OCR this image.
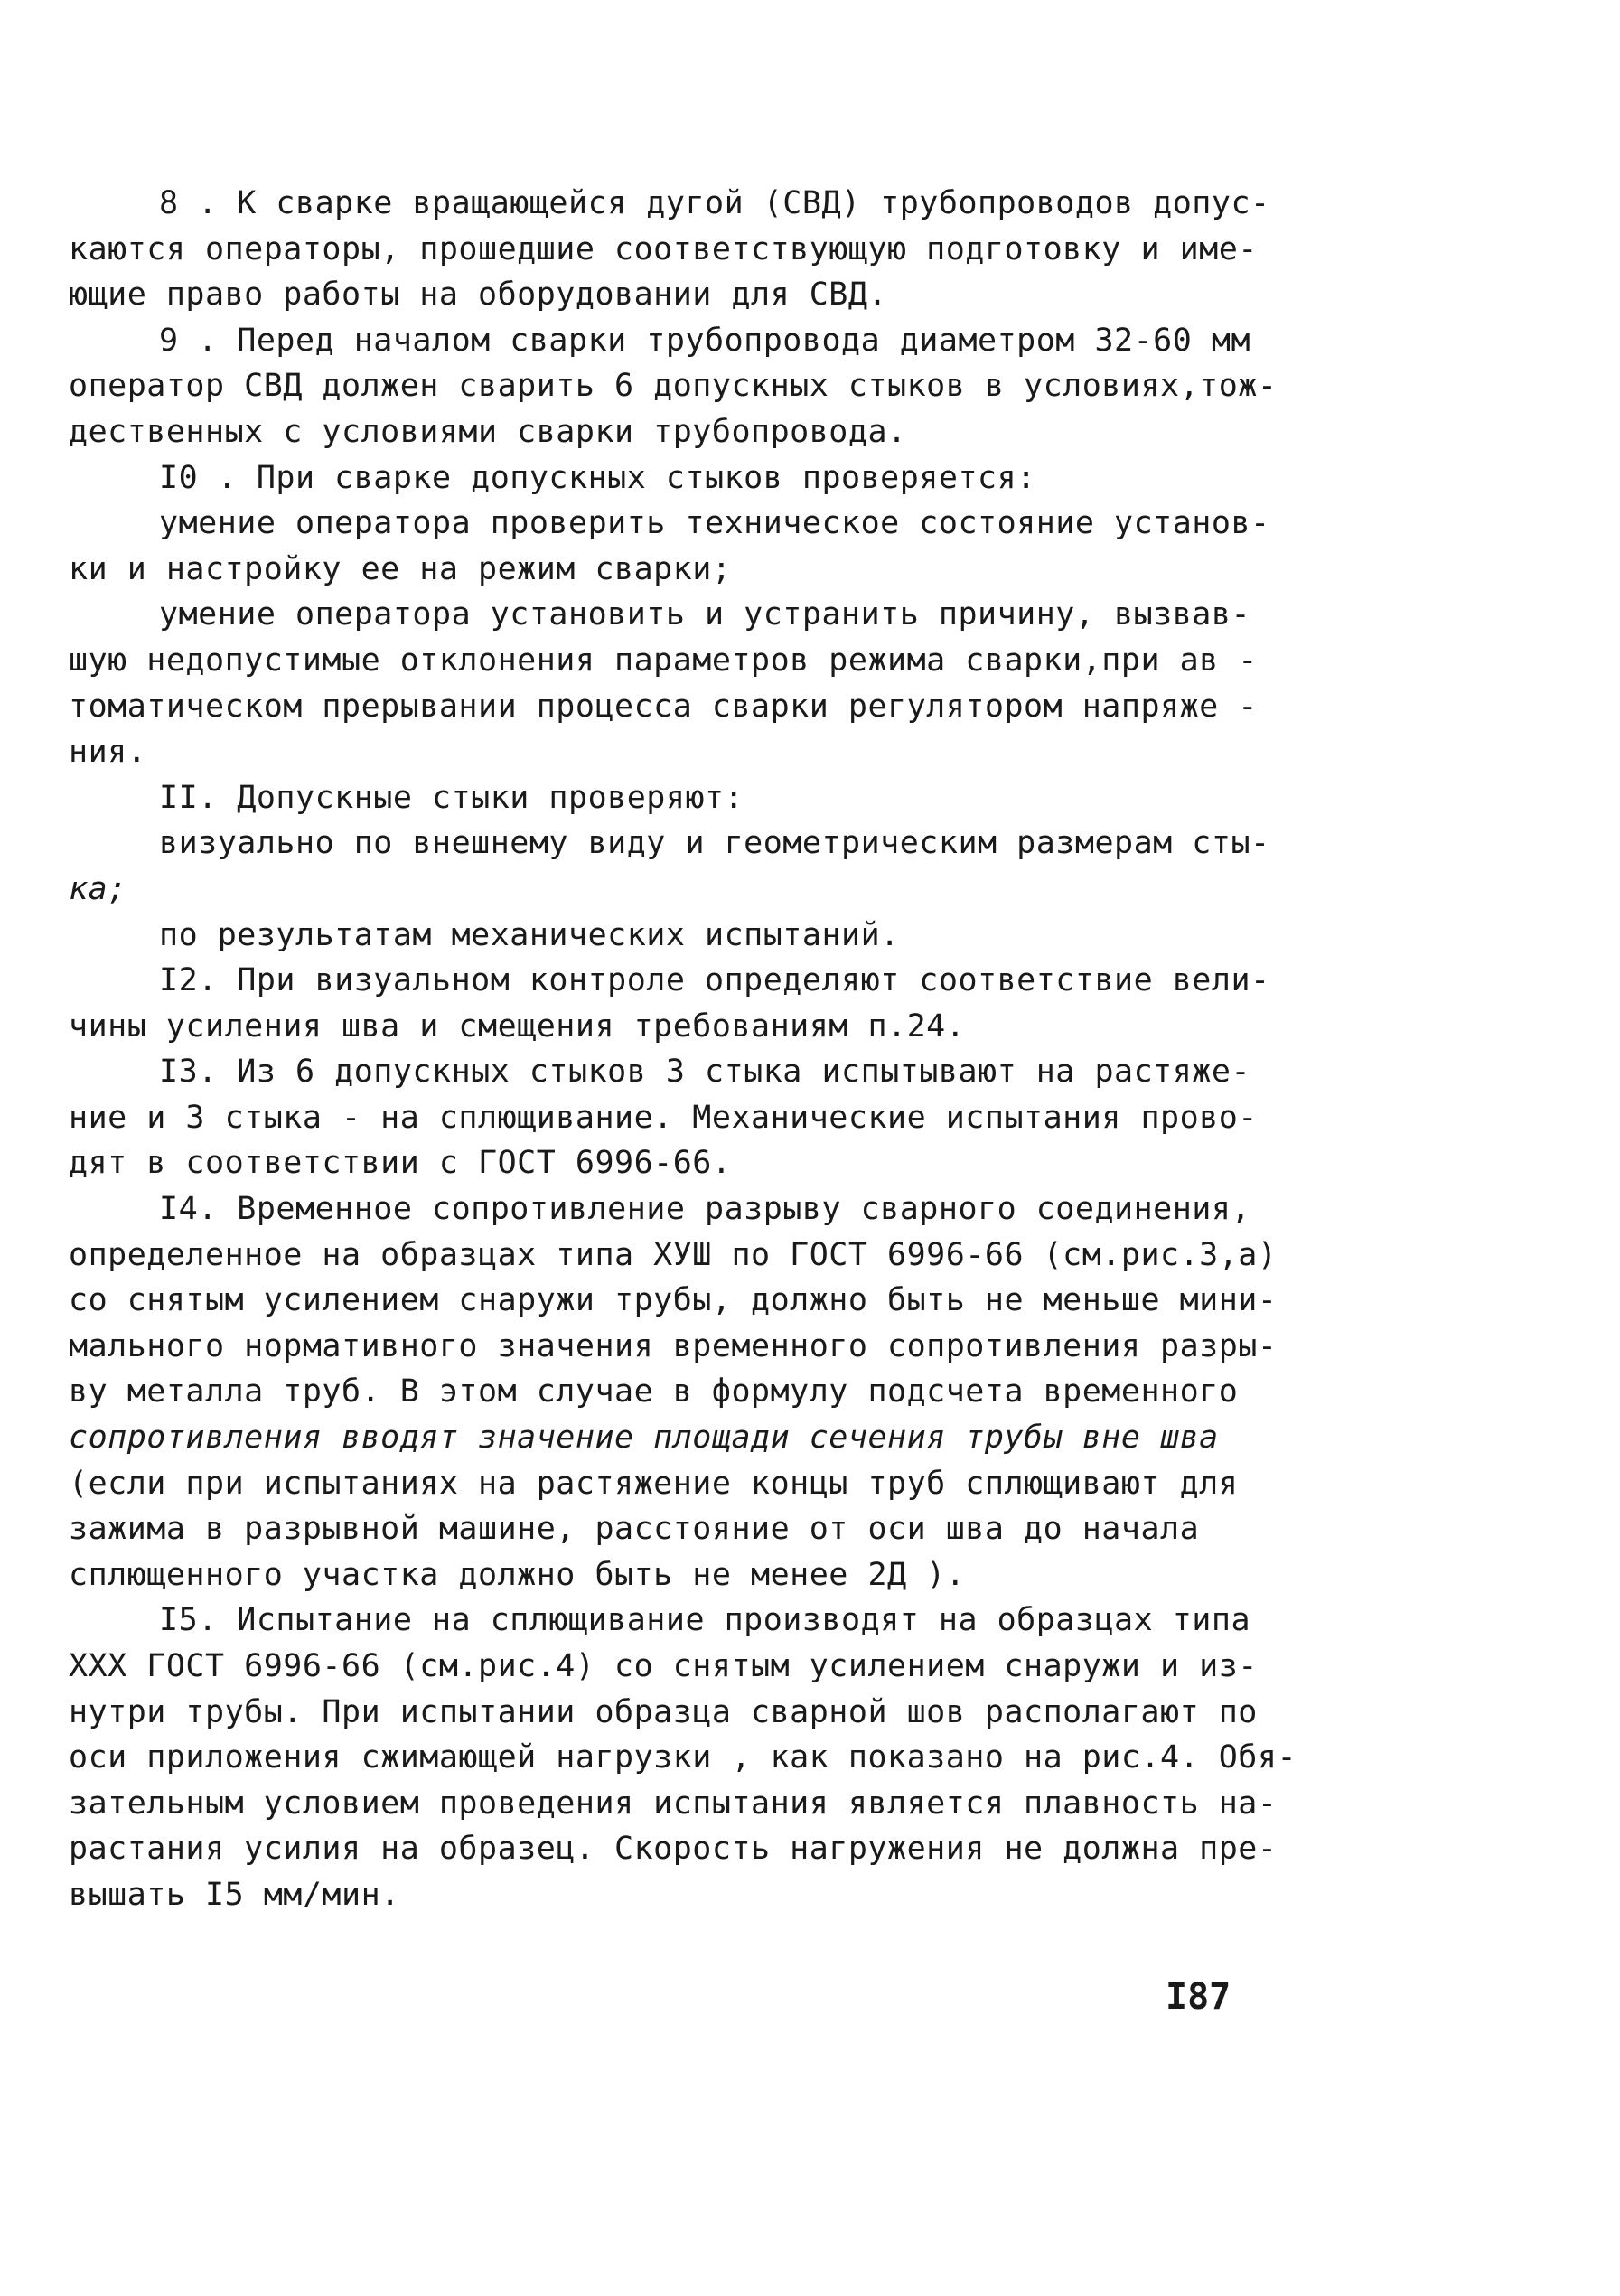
8 . К сварке вращающейся дугой (СВД) трубопроводов допус-
каются операторы, прошедшие соответствующую подготовку и име-
ющие право работы на оборудовании для СВД.
9 . Перед началом сварки трубопровода диаметром 32-60 мм
оператор СВД должен сварить 6 допускных стыков в условиях,тож-
дественных с условиями сварки трубопровода.
I0 . При сварке допускных стыков проверяется:
умение оператора проверить техническое состояние установ-
ки и настройку ее на режим сварки;
умение оператора установить и устранить причину, вызвав-
шую недопустимые отклонения параметров режима сварки,при ав -
томатическом прерывании процесса сварки регулятором напряже -
ния.
II. Допускные стыки проверяют:
визуально по внешнему виду и геометрическим размерам сты-
ка;
по результатам механических испытаний.
I2. При визуальном контроле определяют соответствие вели-
чины усиления шва и смещения требованиям п.24.
I3. Из 6 допускных стыков 3 стыка испытывают на растяже-
ние и 3 стыка - на сплющивание. Механические испытания прово-
дят в соответствии с ГОСТ 6996-66.
I4. Временное сопротивление разрыву сварного соединения,
определенное на образцах типа ХУШ по ГОСТ 6996-66 (см.рис.3,а)
со снятым усилением снаружи трубы, должно быть не меньше мини-
мального нормативного значения временного сопротивления разры-
ву металла труб. В этом случае в формулу подсчета временного
сопротивления вводят значение площади сечения трубы вне шва
(если при испытаниях на растяжение концы труб сплющивают для
зажима в разрывной машине, расстояние от оси шва до начала
сплющенного участка должно быть не менее 2Д ).
I5. Испытание на сплющивание производят на образцах типа
ХХХ ГОСТ 6996-66 (см.рис.4) со снятым усилением снаружи и из-
нутри трубы. При испытании образца сварной шов располагают по
оси приложения сжимающей нагрузки , как показано на рис.4. Обя-
зательным условием проведения испытания является плавность на-
растания усилия на образец. Скорость нагружения не должна пре-
вышать I5 мм/мин.
I87
